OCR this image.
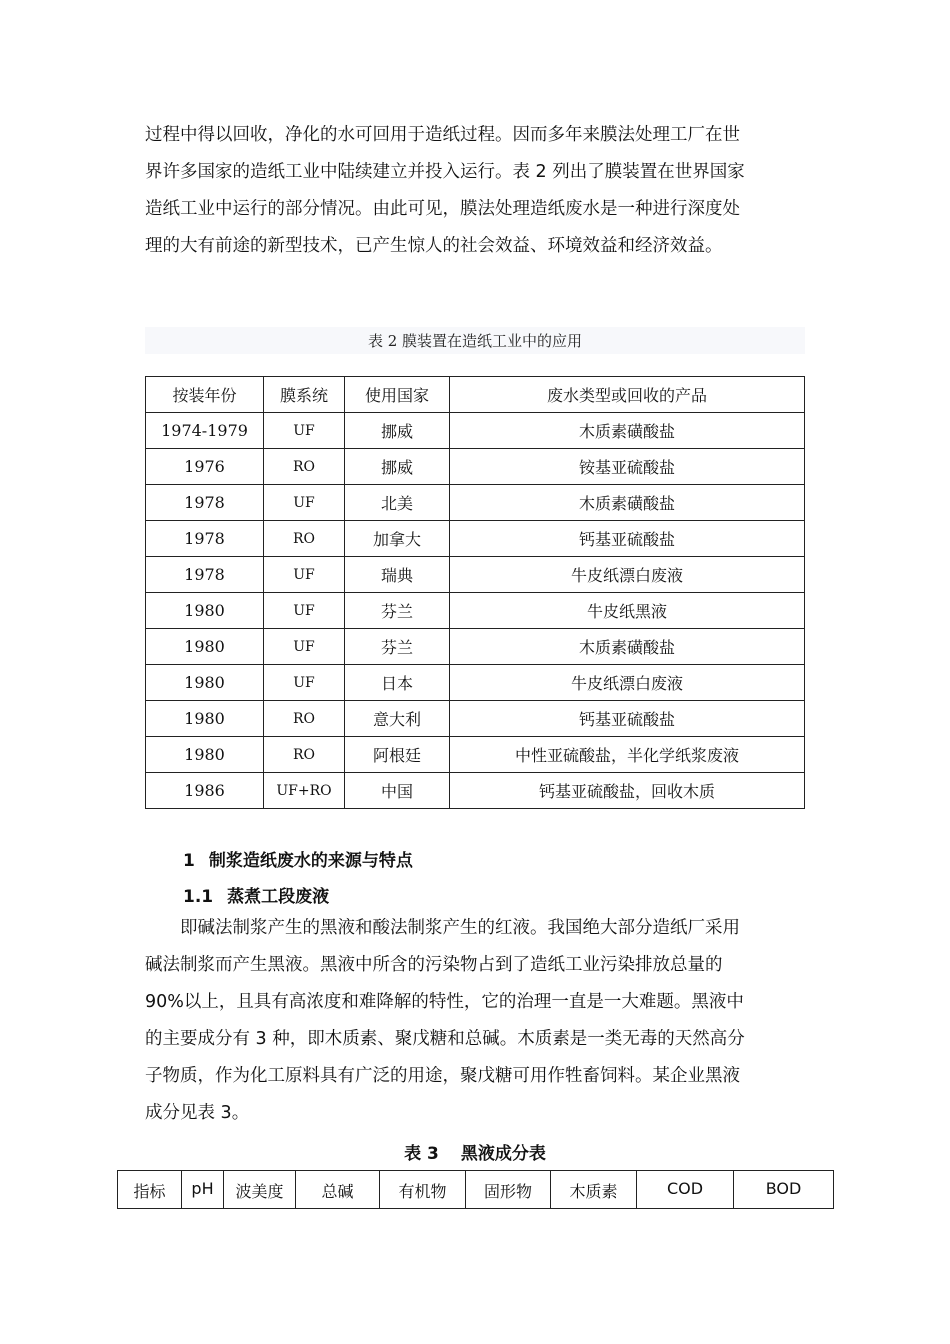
过程中得以回收，净化的水可回用于造纸过程。因而多年来膜法处理工厂在世

界许多国家的造纸工业中陆续建立并投入运行。表 2 列出了膜装置在世界国家

造纸工业中运行的部分情况。由此可见，膜法处理造纸废水是一种进行深度处

理的大有前途的新型技术，已产生惊人的社会效益、环境效益和经济效益。

表 2 膜装置在造纸工业中的应用
按装年份	膜系统	使用国家	废水类型或回收的产品
1974-1979	UF	挪威	木质素磺酸盐
1976	RO	挪威	铵基亚硫酸盐
1978	UF	北美	木质素磺酸盐
1978	RO	加拿大	钙基亚硫酸盐
1978	UF	瑞典	牛皮纸漂白废液
1980	UF	芬兰	牛皮纸黑液
1980	UF	芬兰	木质素磺酸盐
1980	UF	日本	牛皮纸漂白废液
1980	RO	意大利	钙基亚硫酸盐
1980	RO	阿根廷	中性亚硫酸盐，半化学纸浆废液
1986	UF+RO	中国	钙基亚硫酸盐，回收木质
1 制浆造纸废水的来源与特点
1.1 蒸煮工段废液

即碱法制浆产生的黑液和酸法制浆产生的红液。我国绝大部分造纸厂采用

碱法制浆而产生黑液。黑液中所含的污染物占到了造纸工业污染排放总量的

90%以上，且具有高浓度和难降解的特性，它的治理一直是一大难题。黑液中

的主要成分有 3 种，即木质素、聚戊糖和总碱。木质素是一类无毒的天然高分

子物质，作为化工原料具有广泛的用途，聚戊糖可用作牲畜饲料。某企业黑液

成分见表 3。

表 3 黑液成分表
指标	pH	波美度	总碱	有机物	固形物	木质素	COD	BOD
